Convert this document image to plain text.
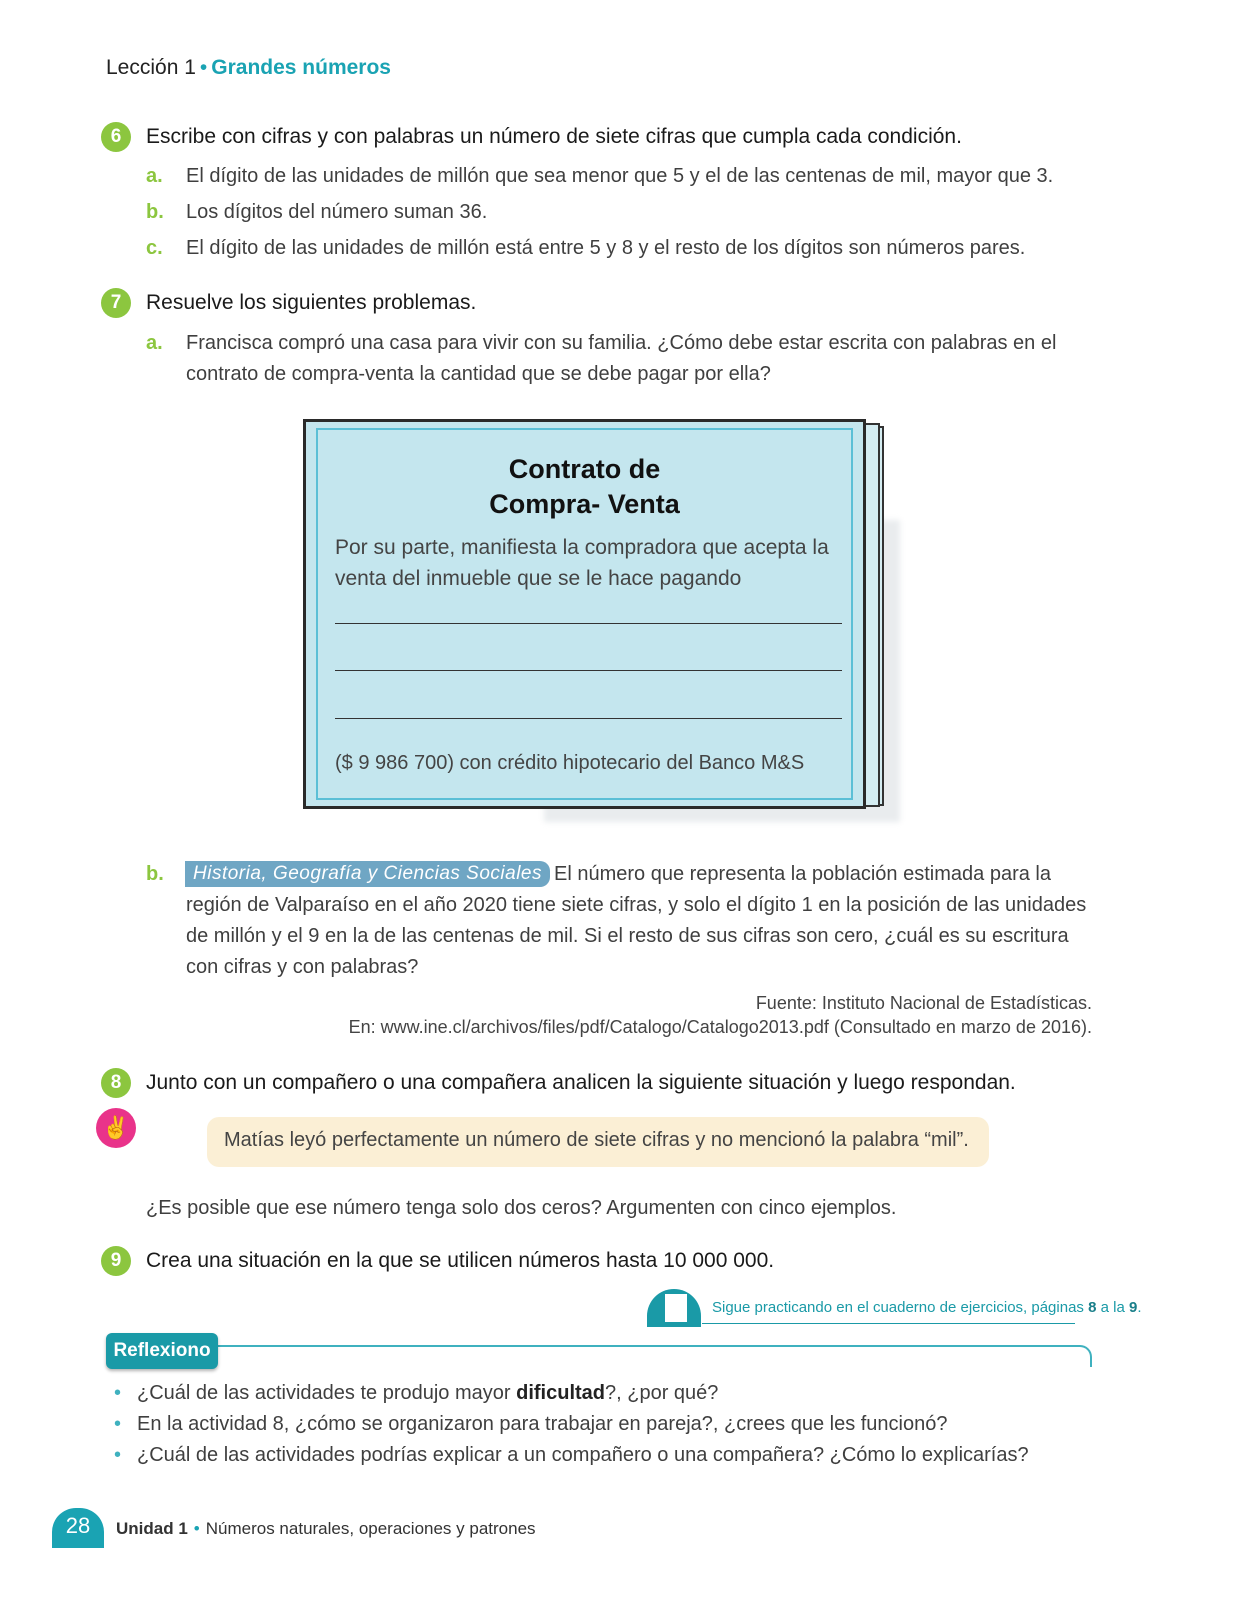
Lección 1 • Grandes números
6	Escribe con cifras y con palabras un número de siete cifras que cumpla cada condición.
a. El dígito de las unidades de millón que sea menor que 5 y el de las centenas de mil, mayor que 3.
b. Los dígitos del número suman 36.
c. El dígito de las unidades de millón está entre 5 y 8 y el resto de los dígitos son números pares.
7	Resuelve los siguientes problemas.
a. Francisca compró una casa para vivir con su familia. ¿Cómo debe estar escrita con palabras en el contrato de compra-venta la cantidad que se debe pagar por ella?
Contrato de
Compra- Venta
Por su parte, manifiesta la compradora que acepta la venta del inmueble que se le hace pagando
($ 9 986 700) con crédito hipotecario del Banco M&S
b.	El número que representa la población estimada para la región de Valparaíso en el año 2020 tiene siete cifras, y solo el dígito 1 en la posición de las unidades de millón y el 9 en la de las centenas de mil. Si el resto de sus cifras son cero, ¿cuál es su escritura con cifras y con palabras?
Historia, Geografía y Ciencias Sociales
Fuente: Instituto Nacional de Estadísticas.
En: www.ine.cl/archivos/files/pdf/Catalogo/Catalogo2013.pdf (Consultado en marzo de 2016).
8	Junto con un compañero o una compañera analicen la siguiente situación y luego respondan.
✌	Matías leyó perfectamente un número de siete cifras y no mencionó la palabra “mil”.
¿Es posible que ese número tenga solo dos ceros? Argumenten con cinco ejemplos.
9	Crea una situación en la que se utilicen números hasta 10 000 000.
Sigue practicando en el cuaderno de ejercicios, páginas 8 a la 9.
Reflexiono
• ¿Cuál de las actividades te produjo mayor dificultad?, ¿por qué?
• En la actividad 8, ¿cómo se organizaron para trabajar en pareja?, ¿crees que les funcionó?
• ¿Cuál de las actividades podrías explicar a un compañero o una compañera? ¿Cómo lo explicarías?
28	Unidad 1 • Números naturales, operaciones y patrones
